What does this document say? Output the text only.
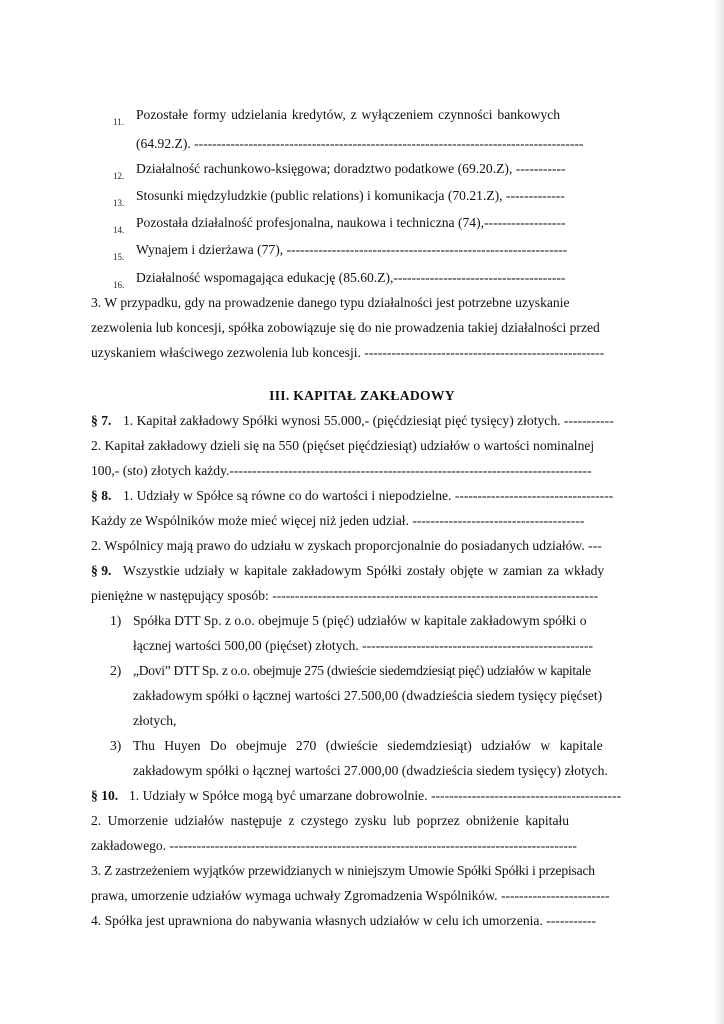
11. Pozostałe formy udzielania kredytów, z wyłączeniem czynności bankowych
(64.92.Z). --------------------------------------------------------------------------------------
12. Działalność rachunkowo-księgowa; doradztwo podatkowe (69.20.Z), -----------
13. Stosunki międzyludzkie (public relations) i komunikacja (70.21.Z), -------------
14. Pozostała działalność profesjonalna, naukowa i techniczna (74),------------------
15. Wynajem i dzierżawa (77), --------------------------------------------------------------
16. Działalność wspomagająca edukację (85.60.Z),--------------------------------------
3. W przypadku, gdy na prowadzenie danego typu działalności jest potrzebne uzyskanie
zezwolenia lub koncesji, spółka zobowiązuje się do nie prowadzenia takiej działalności przed
uzyskaniem właściwego zezwolenia lub koncesji. -----------------------------------------------------
III. KAPITAŁ ZAKŁADOWY
§ 7. 1. Kapitał zakładowy Spółki wynosi 55.000,- (pięćdziesiąt pięć tysięcy) złotych. -----------
2. Kapitał zakładowy dzieli się na 550 (pięćset pięćdziesiąt) udziałów o wartości nominalnej
100,- (sto) złotych każdy.--------------------------------------------------------------------------------
§ 8. 1. Udziały w Spółce są równe co do wartości i niepodzielne. -----------------------------------
Każdy ze Wspólników może mieć więcej niż jeden udział. --------------------------------------
2. Wspólnicy mają prawo do udziału w zyskach proporcjonalnie do posiadanych udziałów. ---
§ 9. Wszystkie udziały w kapitale zakładowym Spółki zostały objęte w zamian za wkłady
pieniężne w następujący sposób: ------------------------------------------------------------------------
1) Spółka DTT Sp. z o.o. obejmuje 5 (pięć) udziałów w kapitale zakładowym spółki o
łącznej wartości 500,00 (pięćset) złotych. ---------------------------------------------------
2) „Dovi” DTT Sp. z o.o. obejmuje 275 (dwieście siedemdziesiąt pięć) udziałów w kapitale
zakładowym spółki o łącznej wartości 27.500,00 (dwadzieścia siedem tysięcy pięćset)
złotych,
3) Thu Huyen Do obejmuje 270 (dwieście siedemdziesiąt) udziałów w kapitale
zakładowym spółki o łącznej wartości 27.000,00 (dwadzieścia siedem tysięcy) złotych.
§ 10. 1. Udziały w Spółce mogą być umarzane dobrowolnie. ------------------------------------------
2. Umorzenie udziałów następuje z czystego zysku lub poprzez obniżenie kapitału
zakładowego. ------------------------------------------------------------------------------------------
3. Z zastrzeżeniem wyjątków przewidzianych w niniejszym Umowie Spółki Spółki i przepisach
prawa, umorzenie udziałów wymaga uchwały Zgromadzenia Wspólników. ------------------------
4. Spółka jest uprawniona do nabywania własnych udziałów w celu ich umorzenia. -----------
